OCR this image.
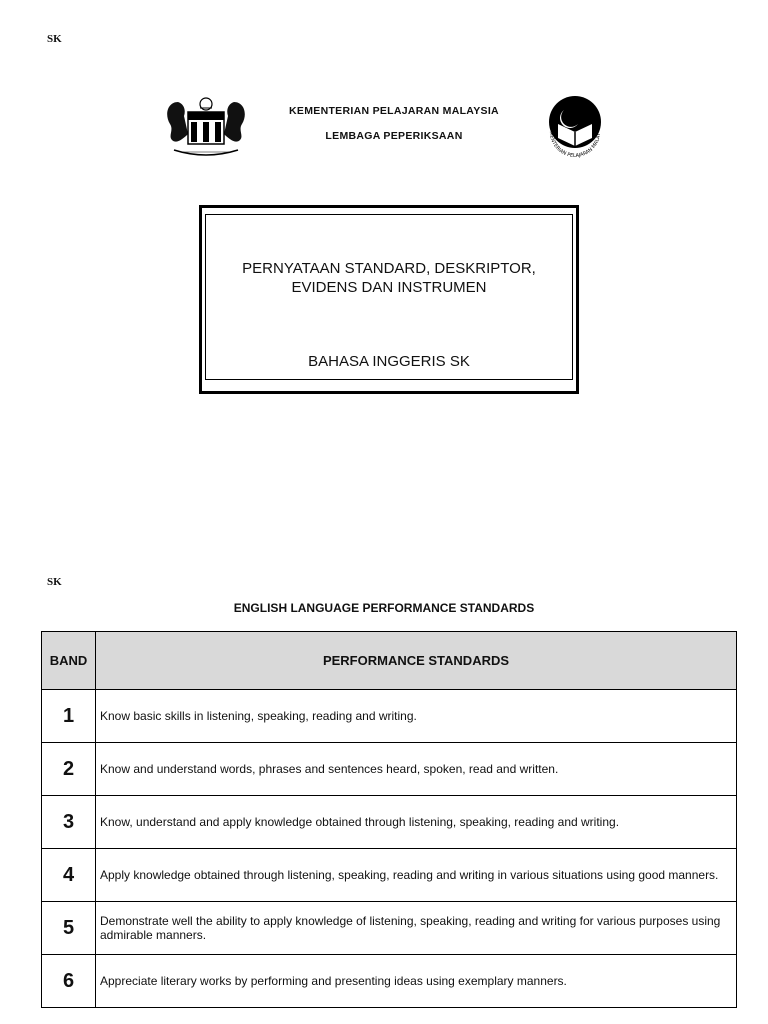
SK
KEMENTERIAN PELAJARAN MALAYSIA
LEMBAGA PEPERIKSAAN	MENTERIAN PELAJARAN MALAY
PERNYATAAN STANDARD, DESKRIPTOR,
EVIDENS DAN INSTRUMEN
BAHASA INGGERIS SK
SK
ENGLISH LANGUAGE PERFORMANCE STANDARDS
BAND	PERFORMANCE STANDARDS
1	Know basic skills in listening, speaking, reading and writing.
2	Know and understand words, phrases and sentences heard, spoken, read and written.
3	Know, understand and apply knowledge obtained through listening, speaking, reading and writing.
4	Apply knowledge obtained through listening, speaking, reading and writing in various situations using good manners.
5	Demonstrate well the ability to apply knowledge of listening, speaking, reading and writing for various purposes using admirable manners.
6	Appreciate literary works by performing and presenting ideas using exemplary manners.
